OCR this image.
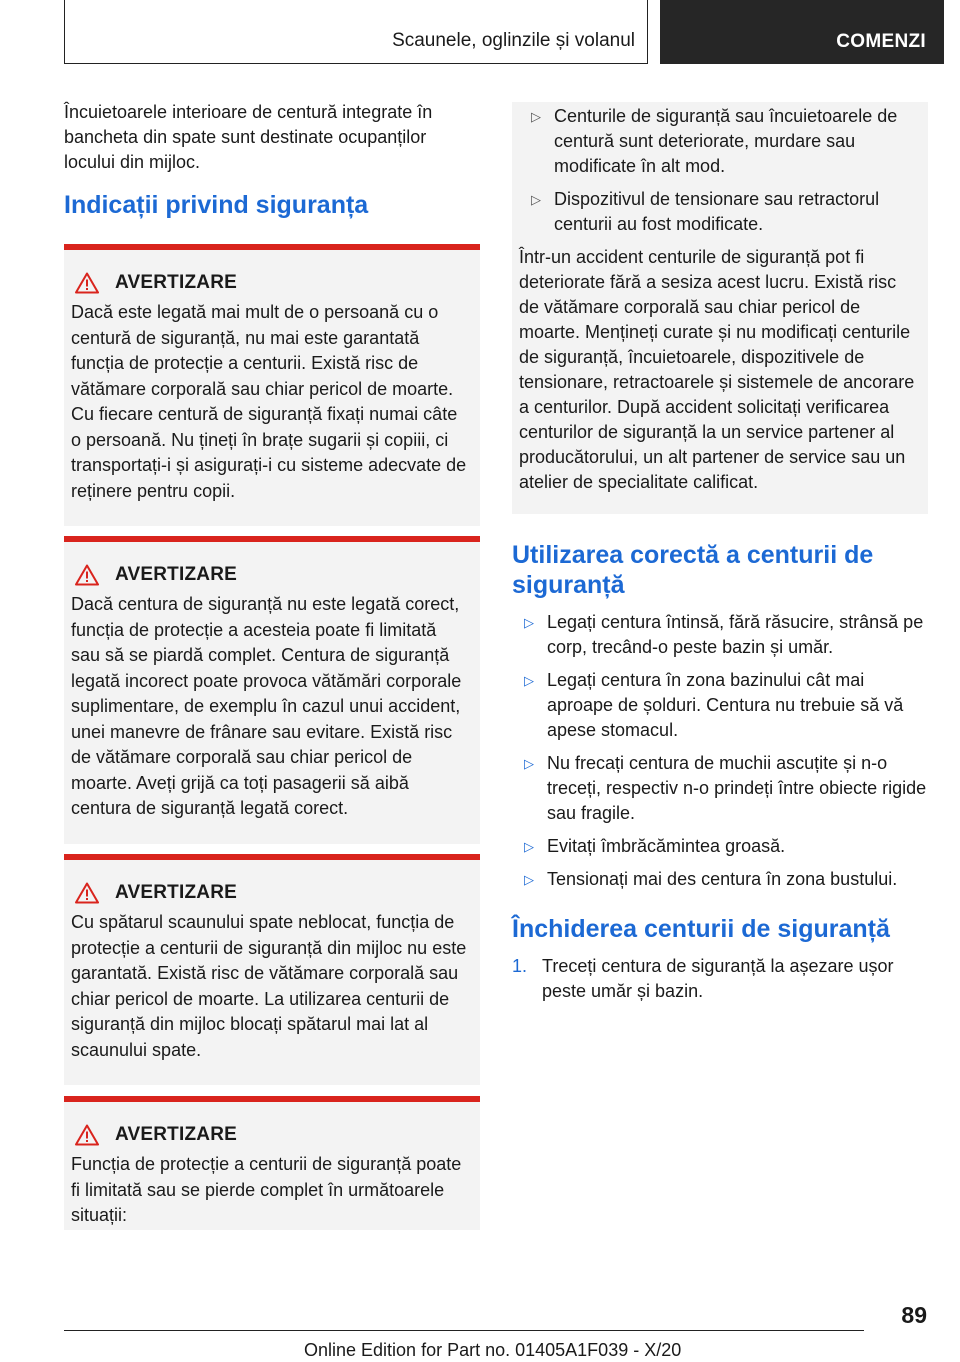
Scaunele, oglinzile și volanul	COMENZI

Încuietoarele interioare de centură integrate în bancheta din spate sunt destinate ocupanților locului din mijloc.

Indicații privind siguranța
AVERTIZARE

Dacă este legată mai mult de o persoană cu o centură de siguranță, nu mai este garantată funcția de protecție a centurii. Există risc de vătămare corporală sau chiar pericol de moarte. Cu fiecare centură de siguranță fixați numai câte o persoană. Nu țineți în brațe sugarii și copiii, ci transportați-i și asigurați-i cu sisteme adecvate de reținere pentru copii.

AVERTIZARE

Dacă centura de siguranță nu este legată corect, funcția de protecție a acesteia poate fi limitată sau să se piardă complet. Centura de siguranță legată incorect poate provoca vătămări corporale suplimentare, de exemplu în cazul unui accident, unei manevre de frânare sau evitare. Există risc de vătămare corporală sau chiar pericol de moarte. Aveți grijă ca toți pasagerii să aibă centura de siguranță legată corect.

AVERTIZARE

Cu spătarul scaunului spate neblocat, funcția de protecție a centurii de siguranță din mijloc nu este garantată. Există risc de vătămare corporală sau chiar pericol de moarte. La utilizarea centurii de siguranță din mijloc blocați spătarul mai lat al scaunului spate.

AVERTIZARE

Funcția de protecție a centurii de siguranță poate fi limitată sau se pierde complet în următoarele situații:

▷ Centurile de siguranță sau încuietoarele de centură sunt deteriorate, murdare sau modificate în alt mod.
▷ Dispozitivul de tensionare sau retractorul centurii au fost modificate.

Într-un accident centurile de siguranță pot fi deteriorate fără a sesiza acest lucru. Există risc de vătămare corporală sau chiar pericol de moarte. Mențineți curate și nu modificați centurile de siguranță, încuietoarele, dispozitivele de tensionare, retractoarele și sistemele de ancorare a centurilor. După accident solicitați verificarea centurilor de siguranță la un service partener al producătorului, un alt partener de service sau un atelier de specialitate calificat.

Utilizarea corectă a centurii de siguranță
▷ Legați centura întinsă, fără răsucire, strânsă pe corp, trecând-o peste bazin și umăr.
▷ Legați centura în zona bazinului cât mai aproape de șolduri. Centura nu trebuie să vă apese stomacul.
▷ Nu frecați centura de muchii ascuțite și n-o treceți, respectiv n-o prindeți între obiecte rigide sau fragile.
▷ Evitați îmbrăcămintea groasă.
▷ Tensionați mai des centura în zona bustului.
Închiderea centurii de siguranță
1. Treceți centura de siguranță la așezare ușor peste umăr și bazin.
89
Online Edition for Part no. 01405A1F039 - X/20
